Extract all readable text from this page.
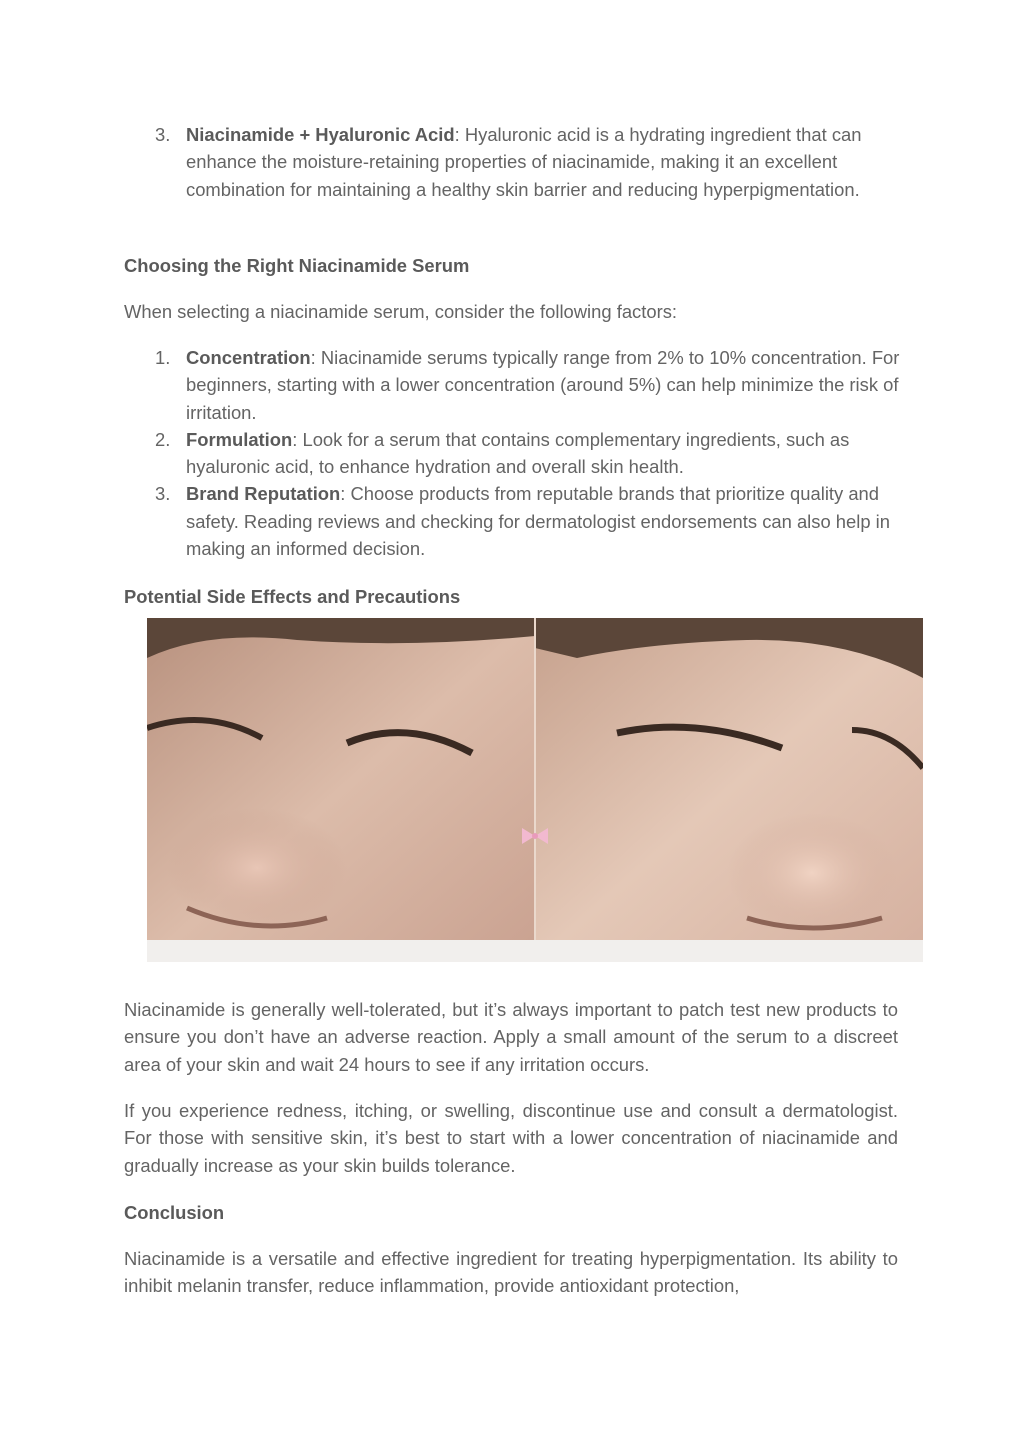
3. Niacinamide + Hyaluronic Acid: Hyaluronic acid is a hydrating ingredient that can enhance the moisture-retaining properties of niacinamide, making it an excellent combination for maintaining a healthy skin barrier and reducing hyperpigmentation.
Choosing the Right Niacinamide Serum

When selecting a niacinamide serum, consider the following factors:

1. Concentration: Niacinamide serums typically range from 2% to 10% concentration. For beginners, starting with a lower concentration (around 5%) can help minimize the risk of irritation.
2. Formulation: Look for a serum that contains complementary ingredients, such as hyaluronic acid, to enhance hydration and overall skin health.
3. Brand Reputation: Choose products from reputable brands that prioritize quality and safety. Reading reviews and checking for dermatologist endorsements can also help in making an informed decision.
Potential Side Effects and Precautions

Niacinamide is generally well-tolerated, but it’s always important to patch test new products to ensure you don’t have an adverse reaction. Apply a small amount of the serum to a discreet area of your skin and wait 24 hours to see if any irritation occurs.

If you experience redness, itching, or swelling, discontinue use and consult a dermatologist. For those with sensitive skin, it’s best to start with a lower concentration of niacinamide and gradually increase as your skin builds tolerance.

Conclusion

Niacinamide is a versatile and effective ingredient for treating hyperpigmentation. Its ability to inhibit melanin transfer, reduce inflammation, provide antioxidant protection,
